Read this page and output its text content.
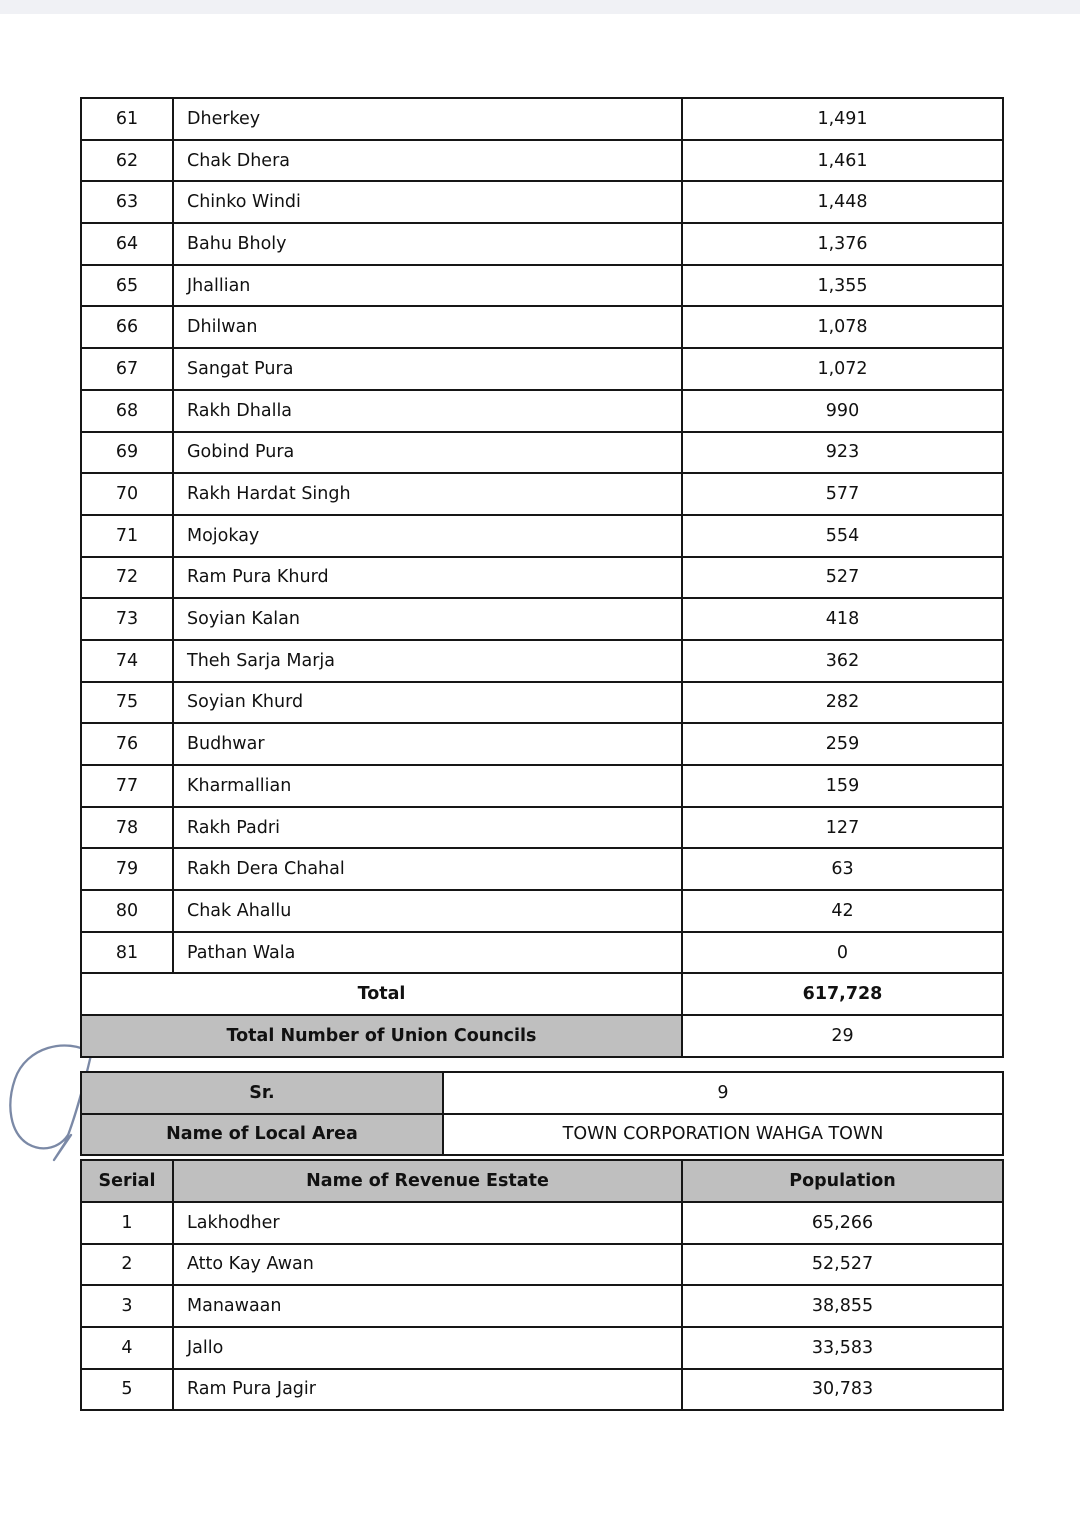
61	Dherkey	1,491
62	Chak Dhera	1,461
63	Chinko Windi	1,448
64	Bahu Bholy	1,376
65	Jhallian	1,355
66	Dhilwan	1,078
67	Sangat Pura	1,072
68	Rakh Dhalla	990
69	Gobind Pura	923
70	Rakh Hardat Singh	577
71	Mojokay	554
72	Ram Pura Khurd	527
73	Soyian Kalan	418
74	Theh Sarja Marja	362
75	Soyian Khurd	282
76	Budhwar	259
77	Kharmallian	159
78	Rakh Padri	127
79	Rakh Dera Chahal	63
80	Chak Ahallu	42
81	Pathan Wala	0
Total		617,728
Total Number of Union Councils		29
Sr.	9
Name of Local Area	TOWN CORPORATION WAHGA TOWN
Serial	Name of Revenue Estate	Population
1	Lakhodher	65,266
2	Atto Kay Awan	52,527
3	Manawaan	38,855
4	Jallo	33,583
5	Ram Pura Jagir	30,783
